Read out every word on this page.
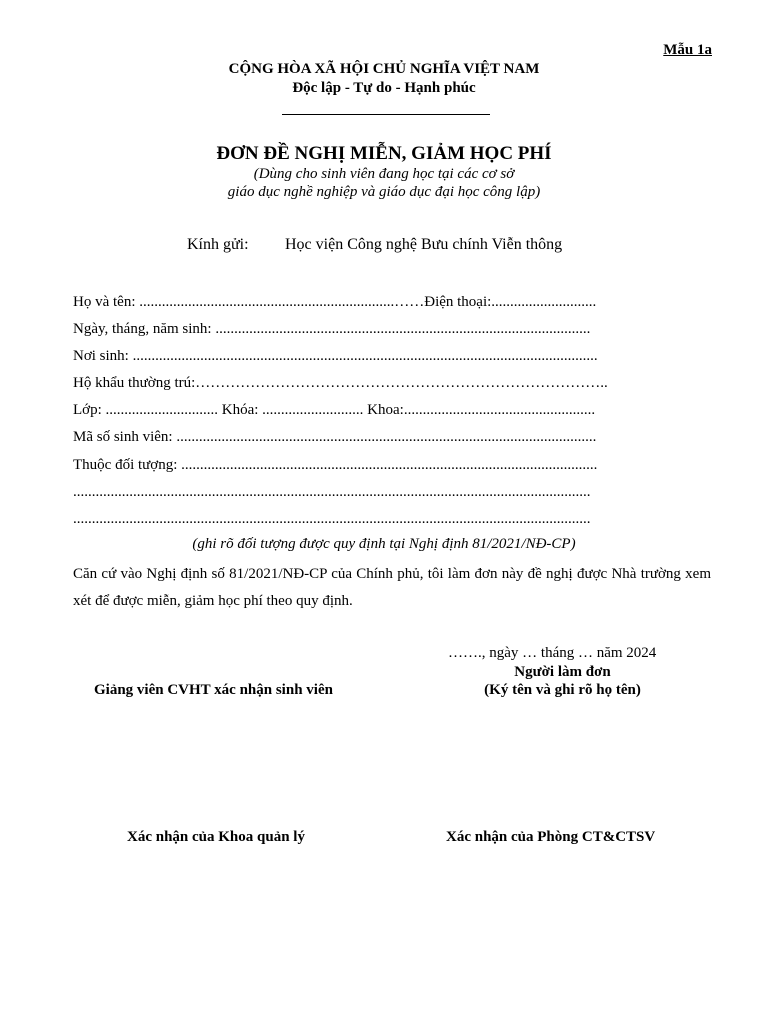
Mẫu 1a
CỘNG HÒA XÃ HỘI CHỦ NGHĨA VIỆT NAM
Độc lập - Tự do - Hạnh phúc
ĐƠN ĐỀ NGHỊ MIỄN, GIẢM HỌC PHÍ
(Dùng cho sinh viên đang học tại các cơ sở
giáo dục nghề nghiệp và giáo dục đại học công lập)
Kính gửi: Học viện Công nghệ Bưu chính Viễn thông
Họ và tên: ....................................................................……Điện thoại:............................
Ngày, tháng, năm sinh: ....................................................................................................
Nơi sinh: ............................................................................................................................
Hộ khẩu thường trú:………………………………………………………………………..
Lớp: .............................. Khóa: ........................... Khoa:...................................................
Mã số sinh viên: ................................................................................................................
Thuộc đối tượng: ...............................................................................................................
..........................................................................................................................................
..........................................................................................................................................
(ghi rõ đối tượng được quy định tại Nghị định 81/2021/NĐ-CP)
Căn cứ vào Nghị định số 81/2021/NĐ-CP của Chính phủ, tôi làm đơn này đề nghị được Nhà trường xem xét để được miễn, giảm học phí theo quy định.
……., ngày … tháng … năm 2024
Người làm đơn
(Ký tên và ghi rõ họ tên)
Giảng viên CVHT xác nhận sinh viên
Xác nhận của Khoa quản lý	Xác nhận của Phòng CT&CTSV
